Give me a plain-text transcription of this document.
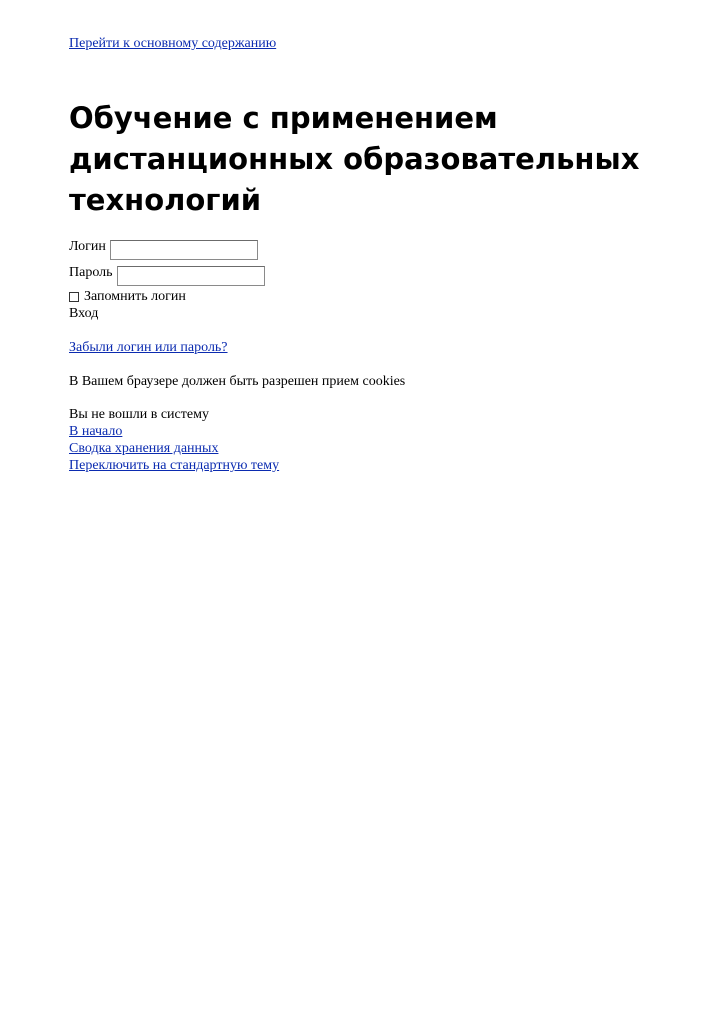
Перейти к основному содержанию
Обучение с применением дистанционных образовательных технологий
Логин
Пароль
Запомнить логин
Вход
Забыли логин или пароль?
В Вашем браузере должен быть разрешен прием cookies
Вы не вошли в систему
В начало
Сводка хранения данных
Переключить на стандартную тему
